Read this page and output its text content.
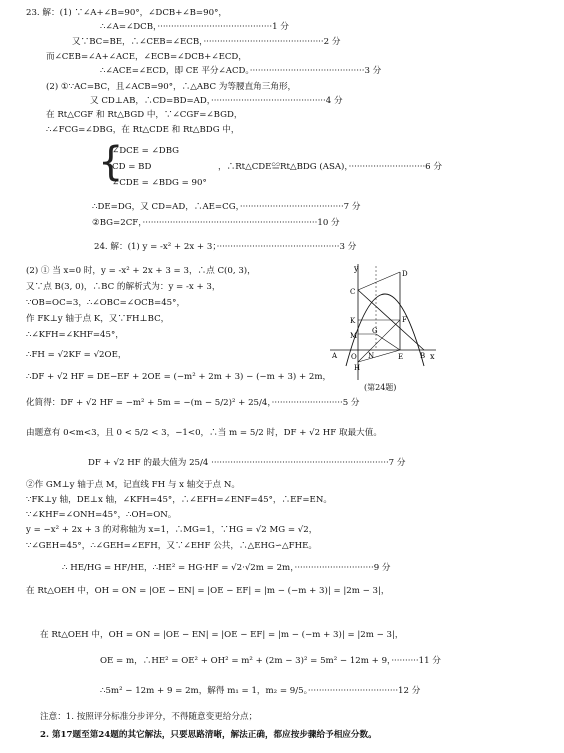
23. 解：(1) ∵∠A+∠B=90°，∠DCB+∠B=90°，
∴∠A=∠DCB，··········································1 分
又∵BC=BE，∴∠CEB=∠ECB，············································2 分
而∠CEB=∠A+∠ACE，∠ECB=∠DCB+∠ECD，
∴∠ACE=∠ECD，即 CE 平分∠ACD。··········································3 分
(2) ①∵AC=BC，且∠ACB=90°，∴△ABC 为等腰直角三角形，
又 CD⊥AB，∴CD=BD=AD，··········································4 分
在 Rt△CGF 和 Rt△BGD 中，∵∠CGF=∠BGD，
∴∠FCG=∠DBG，在 Rt△CDE 和 Rt△BDG 中，
{
∠DCE = ∠DBG
CD = BD
∠CDE = ∠BDG = 90°
，∴Rt△CDE≌Rt△BDG (ASA)，····························6 分
∴DE=DG，又 CD=AD，∴AE=CG，······································7 分
②BG=2CF，································································10 分
24. 解：(1) y = -x² + 2x + 3；·············································3 分
(2) ① 当 x=0 时，y = -x² + 2x + 3 = 3，∴点 C(0, 3)，
又∵点 B(3, 0)，∴BC 的解析式为：y = -x + 3，
∵OB=OC=3，∴∠OBC=∠OCB=45°，
作 FK⊥y 轴于点 K，又∵FH⊥BC，
∴∠KFH=∠KHF=45°，
∴FH = √2KF = √2OE，
∴DF + √2 HF = DE−EF + 2OE = (−m² + 2m + 3) − (−m + 3) + 2m，
化简得：DF + √2 HF = −m² + 5m = −(m − 5/2)² + 25/4，··························5 分
由题意有 0<m<3，且 0 < 5/2 < 3，−1<0，∴当 m = 5/2 时，DF + √2 HF 取最大值。
DF + √2 HF 的最大值为 25/4 ·································································7 分
②作 GM⊥y 轴于点 M，记直线 FH 与 x 轴交于点 N。
∵FK⊥y 轴，DE⊥x 轴，∠KFH=45°，∴∠EFH=∠ENF=45°，∴EF=EN。
∵∠KHF=∠ONH=45°，∴OH=ON。
y = −x² + 2x + 3 的对称轴为 x=1，∴MG=1，∵HG = √2 MG = √2，
∵∠GEH=45°，∴∠GEH=∠EFH，又∵∠EHF 公共，∴△EHG∽△FHE。
∴ HE/HG = HF/HE，∴HE² = HG·HF = √2·√2m = 2m，·····························9 分
在 Rt△OEH 中，OH = ON = |OE − EN| = |OE − EF| = |m − (−m + 3)| = |2m − 3|，
在 Rt△OEH 中，OH = ON = |OE − EN| = |OE − EF| = |m − (−m + 3)| = |2m − 3|，
OE = m，∴HE² = OE² + OH² = m² + (2m − 3)² = 5m² − 12m + 9，··········11 分
∴5m² − 12m + 9 = 2m，解得 m₁ = 1，m₂ = 9/5。·································12 分
注意：1. 按照评分标准分步评分，不得随意变更给分点；
2. 第17题至第24题的其它解法，只要思路清晰，解法正确，都应按步骤给予相应分数。
y
x
O
A	B
C
D
E
F
G
H
K
M
N
(第24题)
